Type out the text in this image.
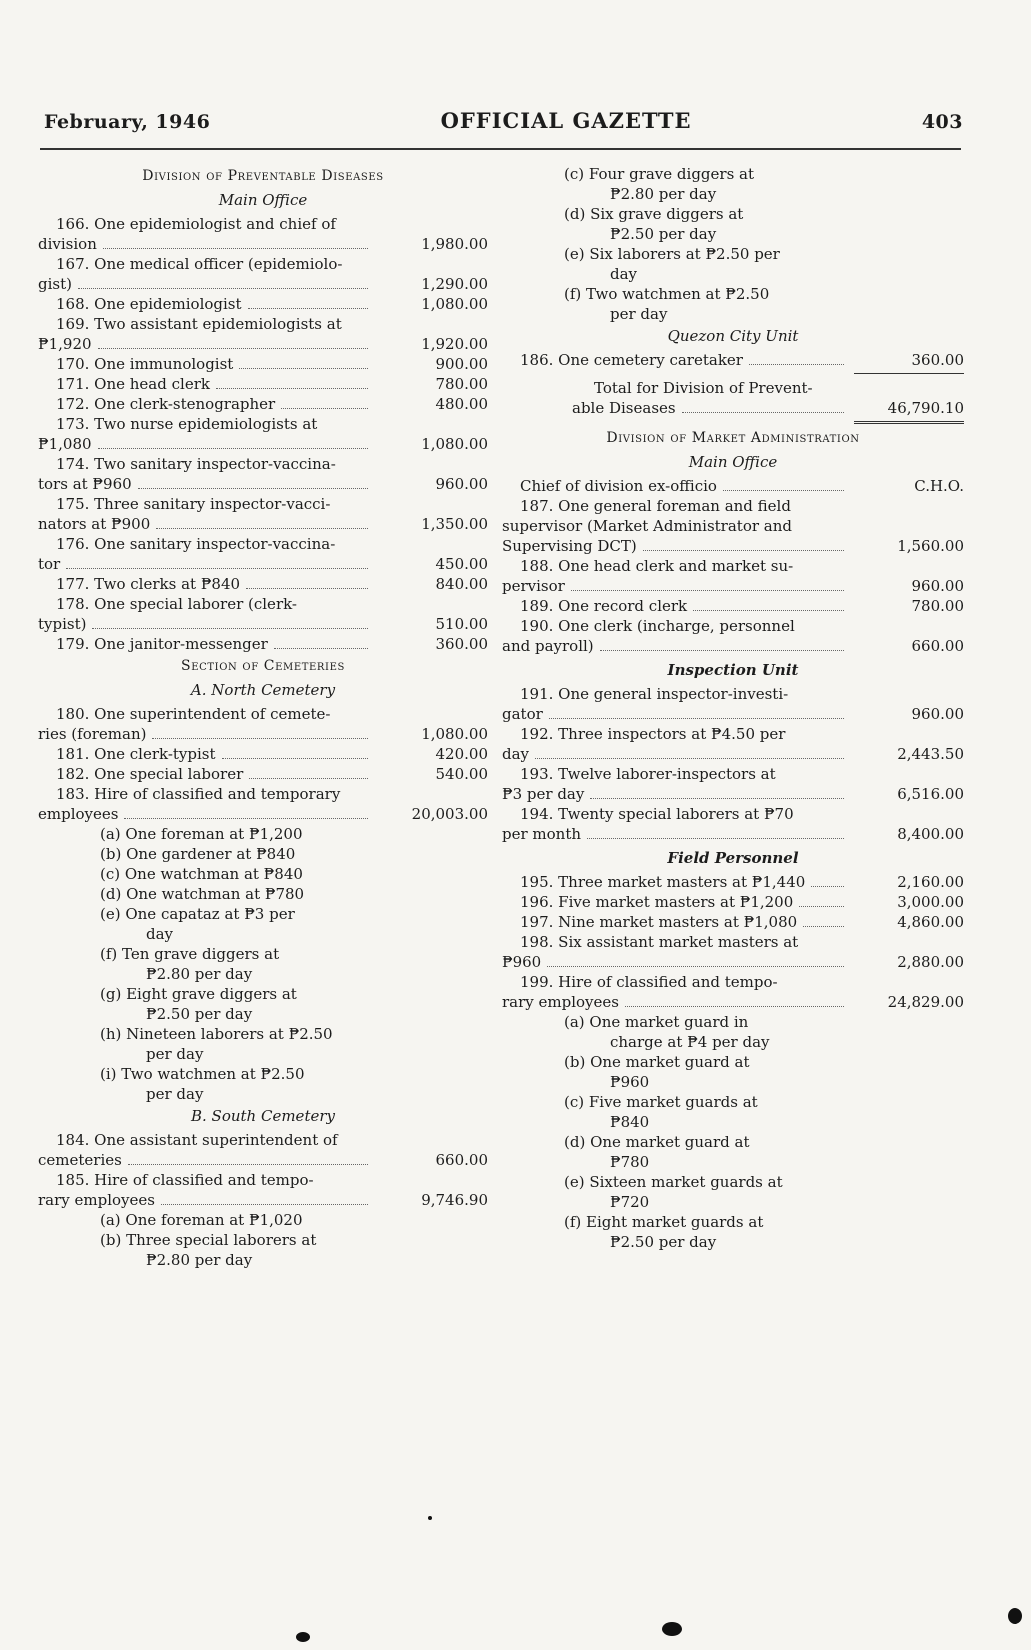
February, 1946	OFFICIAL GAZETTE	403
Division of Preventable Diseases
Main Office
166. One epidemiologist and chief of
division	1,980.00
167. One medical officer (epidemiolo-
gist)	1,290.00
168. One epidemiologist	1,080.00
169. Two assistant epidemiologists at
₱1,920	1,920.00
170. One immunologist	900.00
171. One head clerk	780.00
172. One clerk-stenographer	480.00
173. Two nurse epidemiologists at
₱1,080	1,080.00
174. Two sanitary inspector-vaccina-
tors at ₱960	960.00
175. Three sanitary inspector-vacci-
nators at ₱900	1,350.00
176. One sanitary inspector-vaccina-
tor	450.00
177. Two clerks at ₱840	840.00
178. One special laborer (clerk-
typist)	510.00
179. One janitor-messenger	360.00
Section of Cemeteries
A. North Cemetery
180. One superintendent of cemete-
ries (foreman)	1,080.00
181. One clerk-typist	420.00
182. One special laborer	540.00
183. Hire of classified and temporary
employees	20,003.00
(a) One foreman at ₱1,200
(b) One gardener at ₱840
(c) One watchman at ₱840
(d) One watchman at ₱780
(e) One capataz at ₱3 per
day
(f) Ten grave diggers at
₱2.80 per day
(g) Eight grave diggers at
₱2.50 per day
(h) Nineteen laborers at ₱2.50
per day
(i) Two watchmen at ₱2.50
per day
B. South Cemetery
184. One assistant superintendent of
cemeteries	660.00
185. Hire of classified and tempo-
rary employees	9,746.90
(a) One foreman at ₱1,020
(b) Three special laborers at
₱2.80 per day
(c) Four grave diggers at
₱2.80 per day
(d) Six grave diggers at
₱2.50 per day
(e) Six laborers at ₱2.50 per
day
(f) Two watchmen at ₱2.50
per day
Quezon City Unit
186. One cemetery caretaker	360.00
Total for Division of Prevent-
able Diseases	46,790.10
Division of Market Administration
Main Office
Chief of division ex-officio	C.H.O.
187. One general foreman and field
supervisor (Market Administrator and
Supervising DCT)	1,560.00
188. One head clerk and market su-
pervisor	960.00
189. One record clerk	780.00
190. One clerk (incharge, personnel
and payroll)	660.00
Inspection Unit
191. One general inspector-investi-
gator	960.00
192. Three inspectors at ₱4.50 per
day	2,443.50
193. Twelve laborer-inspectors at
₱3 per day	6,516.00
194. Twenty special laborers at ₱70
per month	8,400.00
Field Personnel
195. Three market masters at ₱1,440	2,160.00
196. Five market masters at ₱1,200	3,000.00
197. Nine market masters at ₱1,080	4,860.00
198. Six assistant market masters at
₱960	2,880.00
199. Hire of classified and tempo-
rary employees	24,829.00
(a) One market guard in
charge at ₱4 per day
(b) One market guard at
₱960
(c) Five market guards at
₱840
(d) One market guard at
₱780
(e) Sixteen market guards at
₱720
(f) Eight market guards at
₱2.50 per day
